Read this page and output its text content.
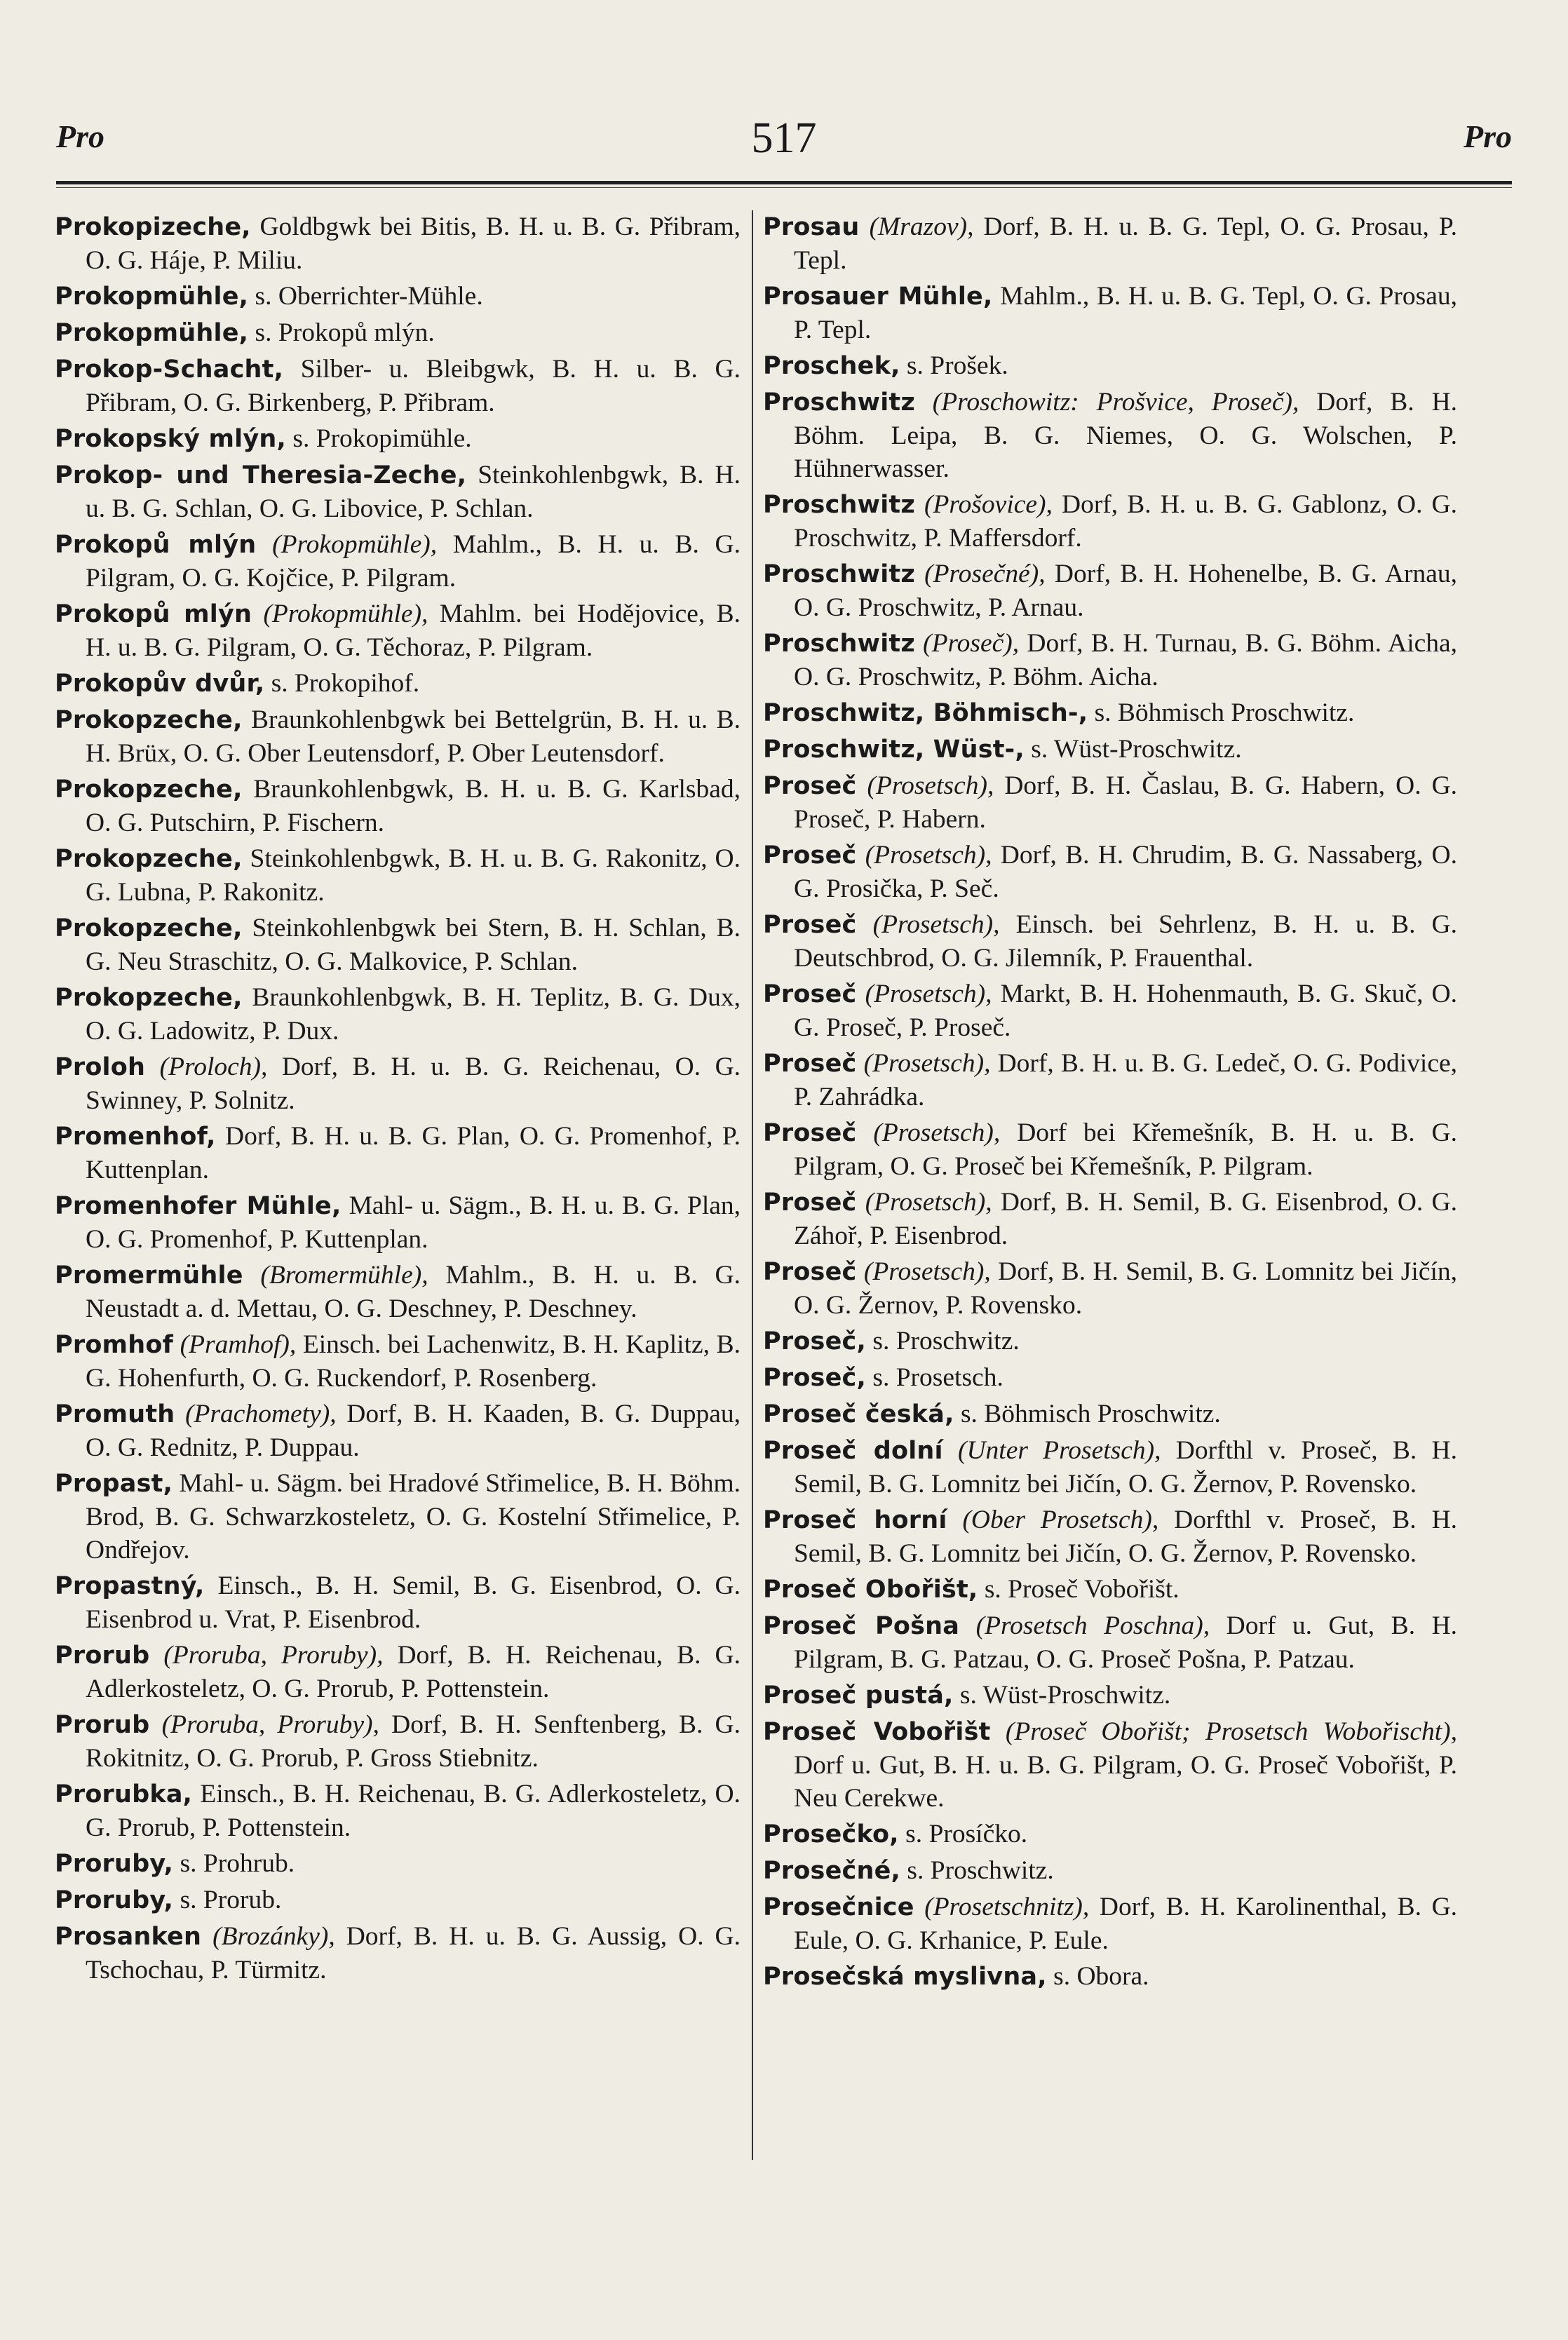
Pro	517	Pro

Prokopizeche, Goldbgwk bei Bitis, B. H. u. B. G. Přibram, O. G. Háje, P. Miliu.

Prokopmühle, s. Oberrichter-Mühle.

Prokopmühle, s. Prokopů mlýn.

Prokop-Schacht, Silber- u. Bleibgwk, B. H. u. B. G. Přibram, O. G. Birkenberg, P. Přibram.

Prokopský mlýn, s. Prokopimühle.

Prokop- und Theresia-Zeche, Steinkohlenbgwk, B. H. u. B. G. Schlan, O. G. Libovice, P. Schlan.

Prokopů mlýn (Prokopmühle), Mahlm., B. H. u. B. G. Pilgram, O. G. Kojčice, P. Pilgram.

Prokopů mlýn (Prokopmühle), Mahlm. bei Hodějovice, B. H. u. B. G. Pilgram, O. G. Těchoraz, P. Pilgram.

Prokopův dvůr, s. Prokopihof.

Prokopzeche, Braunkohlenbgwk bei Bettelgrün, B. H. u. B. H. Brüx, O. G. Ober Leutensdorf, P. Ober Leutensdorf.

Prokopzeche, Braunkohlenbgwk, B. H. u. B. G. Karlsbad, O. G. Putschirn, P. Fischern.

Prokopzeche, Steinkohlenbgwk, B. H. u. B. G. Rakonitz, O. G. Lubna, P. Rakonitz.

Prokopzeche, Steinkohlenbgwk bei Stern, B. H. Schlan, B. G. Neu Straschitz, O. G. Malkovice, P. Schlan.

Prokopzeche, Braunkohlenbgwk, B. H. Teplitz, B. G. Dux, O. G. Ladowitz, P. Dux.

Proloh (Proloch), Dorf, B. H. u. B. G. Reichenau, O. G. Swinney, P. Solnitz.

Promenhof, Dorf, B. H. u. B. G. Plan, O. G. Promenhof, P. Kuttenplan.

Promenhofer Mühle, Mahl- u. Sägm., B. H. u. B. G. Plan, O. G. Promenhof, P. Kuttenplan.

Promermühle (Bromermühle), Mahlm., B. H. u. B. G. Neustadt a. d. Mettau, O. G. Deschney, P. Deschney.

Promhof (Pramhof), Einsch. bei Lachenwitz, B. H. Kaplitz, B. G. Hohenfurth, O. G. Ruckendorf, P. Rosenberg.

Promuth (Prachomety), Dorf, B. H. Kaaden, B. G. Duppau, O. G. Rednitz, P. Duppau.

Propast, Mahl- u. Sägm. bei Hradové Střimelice, B. H. Böhm. Brod, B. G. Schwarzkosteletz, O. G. Kostelní Střimelice, P. Ondřejov.

Propastný, Einsch., B. H. Semil, B. G. Eisenbrod, O. G. Eisenbrod u. Vrat, P. Eisenbrod.

Prorub (Proruba, Proruby), Dorf, B. H. Reichenau, B. G. Adlerkosteletz, O. G. Prorub, P. Pottenstein.

Prorub (Proruba, Proruby), Dorf, B. H. Senftenberg, B. G. Rokitnitz, O. G. Prorub, P. Gross Stiebnitz.

Prorubka, Einsch., B. H. Reichenau, B. G. Adlerkosteletz, O. G. Prorub, P. Pottenstein.

Proruby, s. Prohrub.

Proruby, s. Prorub.

Prosanken (Brozánky), Dorf, B. H. u. B. G. Aussig, O. G. Tschochau, P. Türmitz.

Prosau (Mrazov), Dorf, B. H. u. B. G. Tepl, O. G. Prosau, P. Tepl.

Prosauer Mühle, Mahlm., B. H. u. B. G. Tepl, O. G. Prosau, P. Tepl.

Proschek, s. Prošek.

Proschwitz (Proschowitz: Prošvice, Proseč), Dorf, B. H. Böhm. Leipa, B. G. Niemes, O. G. Wolschen, P. Hühnerwasser.

Proschwitz (Prošovice), Dorf, B. H. u. B. G. Gablonz, O. G. Proschwitz, P. Maffersdorf.

Proschwitz (Prosečné), Dorf, B. H. Hohenelbe, B. G. Arnau, O. G. Proschwitz, P. Arnau.

Proschwitz (Proseč), Dorf, B. H. Turnau, B. G. Böhm. Aicha, O. G. Proschwitz, P. Böhm. Aicha.

Proschwitz, Böhmisch-, s. Böhmisch Proschwitz.

Proschwitz, Wüst-, s. Wüst-Proschwitz.

Proseč (Prosetsch), Dorf, B. H. Časlau, B. G. Habern, O. G. Proseč, P. Habern.

Proseč (Prosetsch), Dorf, B. H. Chrudim, B. G. Nassaberg, O. G. Prosička, P. Seč.

Proseč (Prosetsch), Einsch. bei Sehrlenz, B. H. u. B. G. Deutschbrod, O. G. Jilemník, P. Frauenthal.

Proseč (Prosetsch), Markt, B. H. Hohenmauth, B. G. Skuč, O. G. Proseč, P. Proseč.

Proseč (Prosetsch), Dorf, B. H. u. B. G. Ledeč, O. G. Podivice, P. Zahrádka.

Proseč (Prosetsch), Dorf bei Křemešník, B. H. u. B. G. Pilgram, O. G. Proseč bei Křemešník, P. Pilgram.

Proseč (Prosetsch), Dorf, B. H. Semil, B. G. Eisenbrod, O. G. Záhoř, P. Eisenbrod.

Proseč (Prosetsch), Dorf, B. H. Semil, B. G. Lomnitz bei Jičín, O. G. Žernov, P. Rovensko.

Proseč, s. Proschwitz.

Proseč, s. Prosetsch.

Proseč česká, s. Böhmisch Proschwitz.

Proseč dolní (Unter Prosetsch), Dorfthl v. Proseč, B. H. Semil, B. G. Lomnitz bei Jičín, O. G. Žernov, P. Rovensko.

Proseč horní (Ober Prosetsch), Dorfthl v. Proseč, B. H. Semil, B. G. Lomnitz bei Jičín, O. G. Žernov, P. Rovensko.

Proseč Obořišt, s. Proseč Vobořišt.

Proseč Pošna (Prosetsch Poschna), Dorf u. Gut, B. H. Pilgram, B. G. Patzau, O. G. Proseč Pošna, P. Patzau.

Proseč pustá, s. Wüst-Proschwitz.

Proseč Vobořišt (Proseč Obořišt; Prosetsch Wobořischt), Dorf u. Gut, B. H. u. B. G. Pilgram, O. G. Proseč Vobořišt, P. Neu Cerekwe.

Prosečko, s. Prosíčko.

Prosečné, s. Proschwitz.

Prosečnice (Prosetschnitz), Dorf, B. H. Karolinenthal, B. G. Eule, O. G. Krhanice, P. Eule.

Prosečská myslivna, s. Obora.
